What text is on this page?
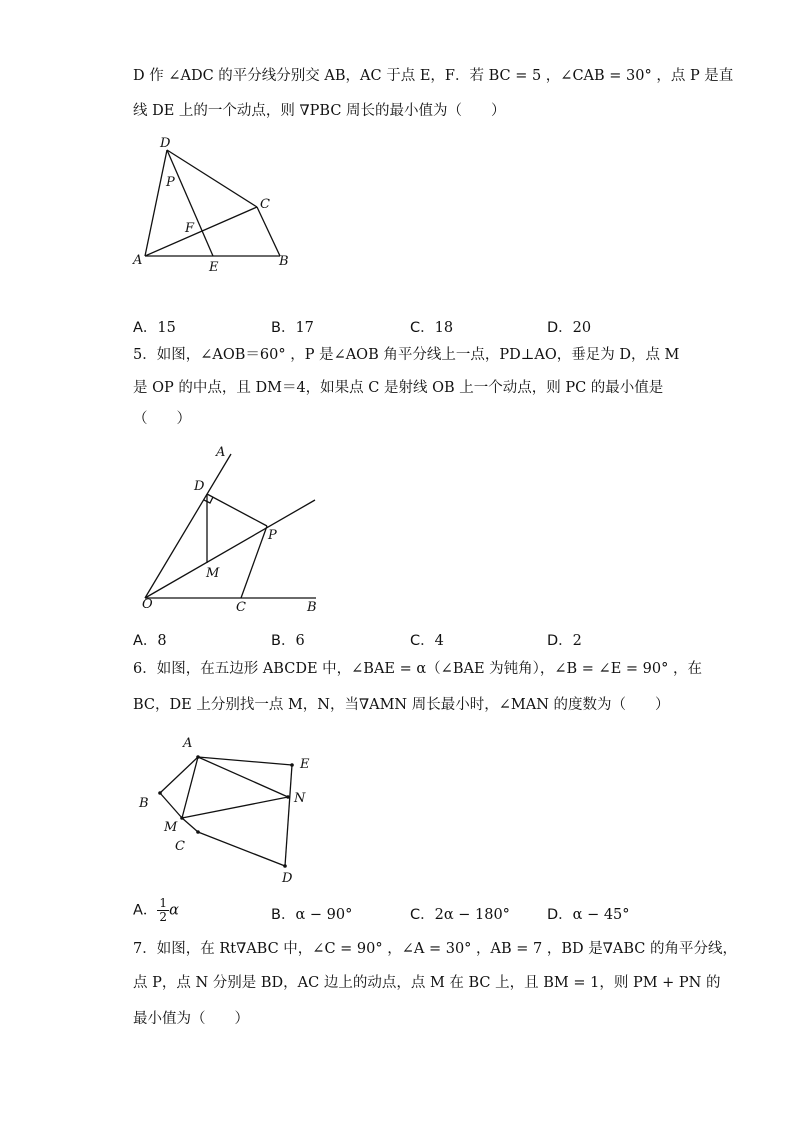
D 作 ∠ADC 的平分线分别交 AB，AC 于点 E，F．若 BC = 5 ，∠CAB = 30° ，点 P 是直
线 DE 上的一个动点，则 ∇PBC 周长的最小值为（　　）
D
P
C
F
A	E	B
A．15	B．17	C．18	D．20
5．如图，∠AOB＝60° ，P 是∠AOB 角平分线上一点，PD⊥AO，垂足为 D，点 M
是 OP 的中点，且 DM＝4，如果点 C 是射线 OB 上一个动点，则 PC 的最小值是
（　　）
A
D
P
M
O	C	B
A．8	B．6	C．4	D．2
6．如图，在五边形 ABCDE 中，∠BAE = α（∠BAE 为钝角），∠B = ∠E = 90° ，在
BC，DE 上分别找一点 M，N，当∇AMN 周长最小时，∠MAN 的度数为（　　）
A
E
B	N
M
C
D
A． $\frac{1}{2}$ α	B．α − 90°	C．2α − 180°	D．α − 45°
7．如图，在 Rt∇ABC 中，∠C = 90° ，∠A = 30° ，AB = 7 ，BD 是∇ABC 的角平分线，
点 P，点 N 分别是 BD，AC 边上的动点，点 M 在 BC 上，且 BM = 1，则 PM + PN 的
最小值为（　　）
